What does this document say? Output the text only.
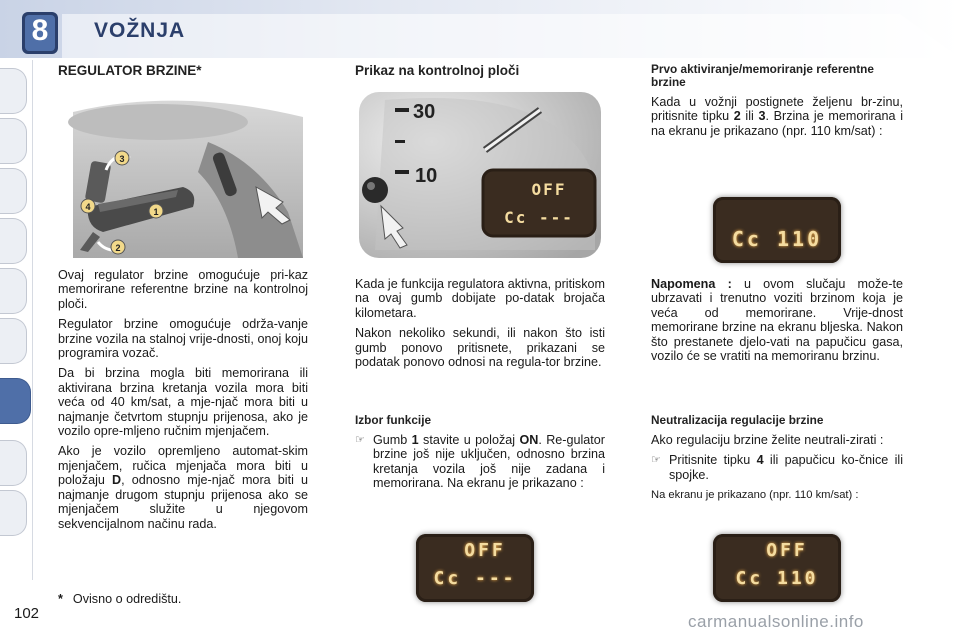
8	VOŽNJA
102
REGULATOR BRZINE*
3
4	1
2

Ovaj regulator brzine omogućuje pri-kaz memorirane referentne brzine na kontrolnoj ploči.

Regulator brzine omogućuje održa-vanje brzine vozila na stalnoj vrije-dnosti, onoj koju programira vozač.

Da bi brzina mogla biti memorirana ili aktivirana brzina kretanja vozila mora biti veća od 40 km/sat, a mje-njač mora biti u najmanje četvrtom stupnju prijenosa, ako je vozilo opre-mljeno ručnim mjenjačem.

Ako je vozilo opremljeno automat-skim mjenjačem, ručica mjenjača mora biti u položaju D, odnosno mje-njač mora biti u najmanje drugom stupnju prijenosa ako se mjenjačem služite u njegovom sekvencijalnom načinu rada.

Prikaz na kontrolnoj ploči
30
10
OFF
Cc ---

Kada je funkcija regulatora aktivna, pritiskom na ovaj gumb dobijate po-datak brojača kilometara.

Nakon nekoliko sekundi, ili nakon što isti gumb ponovo pritisnete, prikazani se podatak ponovo odnosi na regula-tor brzine.

Izbor funkcije
☞ Gumb 1 stavite u položaj ON. Re-gulator brzine još nije uključen, odnosno brzina kretanja vozila još nije zadana i memorirana. Na ekranu je prikazano :
OFF
Cc ---
Prvo aktiviranje/memoriranje referentne brzine

Kada u vožnji postignete željenu br-zinu, pritisnite tipku 2 ili 3. Brzina je memorirana i na ekranu je prikazano (npr. 110 km/sat) :

Cc 110

Napomena : u ovom slučaju može-te ubrzavati i trenutno voziti brzinom koja je veća od memorirane. Vrije-dnost memorirane brzine na ekranu bljeska. Nakon što prestanete djelo-vati na papučicu gasa, vozilo će se vratiti na memoriranu brzinu.

Neutralizacija regulacije brzine

Ako regulaciju brzine želite neutrali-zirati :

☞ Pritisnite tipku 4 ili papučicu ko-čnice ili spojke.

Na ekranu je prikazano (npr. 110 km/sat) :

OFF
Cc 110
* Ovisno o odredištu.
carmanualsonline.info
